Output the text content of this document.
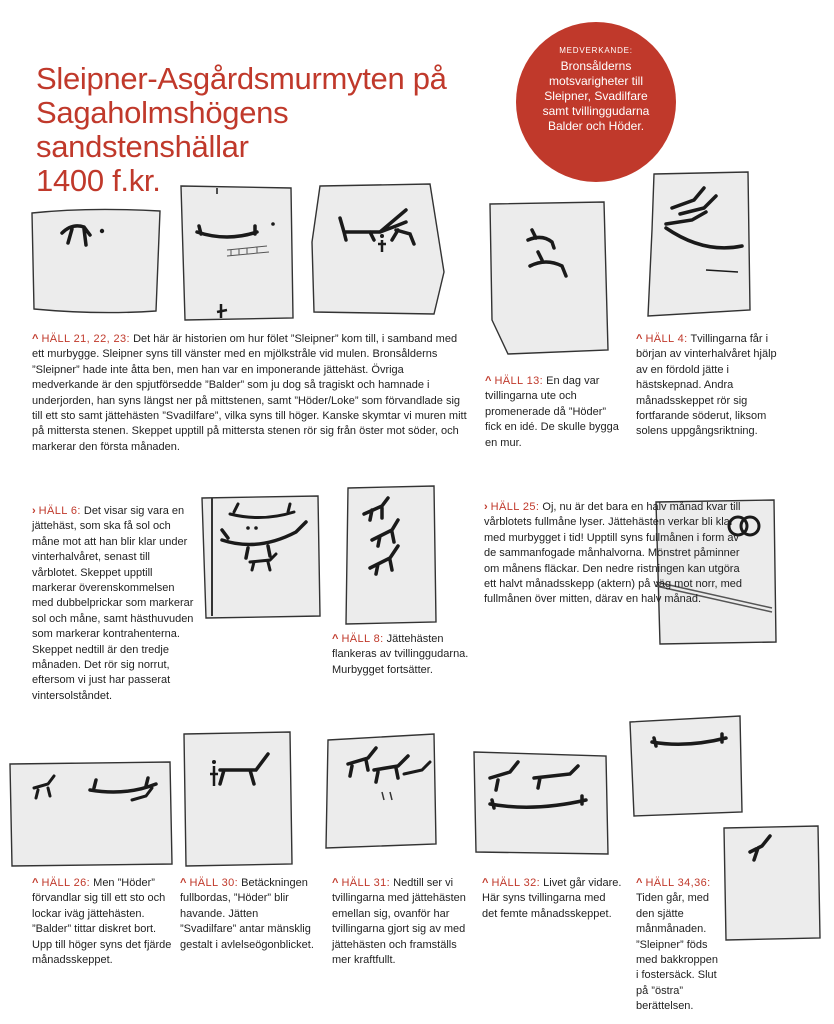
Sleipner-Asgårdsmurmyten på
Sagaholmshögens sandstenshällar
1400 f.kr.
MEDVERKANDE:
Bronsålderns motsvarigheter till Sleipner, Svadilfare samt tvillinggudarna Balder och Höder.
^ HÄLL 21, 22, 23: Det här är historien om hur fölet ”Sleipner” kom till, i samband med ett murbygge. Sleipner syns till vänster med en mjölkstråle vid mulen. Bronsålderns ”Sleipner” hade inte åtta ben, men han var en imponerande jättehäst. Övriga medverkande är den spjutförsedde ”Balder” som ju dog så tragiskt och hamnade i underjorden, han syns längst ner på mittstenen, samt ”Höder/Loke” som förvandlade sig till ett sto samt jättehästen ”Svadilfare”, vilka syns till höger. Kanske skymtar vi muren mitt på mittersta stenen. Skeppet upptill på mittersta stenen rör sig från öster mot söder, och markerar den första månaden.
^ HÄLL 13: En dag var tvillingarna ute och promenerade då ”Höder” fick en idé. De skulle bygga en mur.
^ HÄLL 4: Tvillingarna får i början av vinterhalvåret hjälp av en fördold jätte i hästskepnad. Andra månadsskeppet rör sig fortfarande söderut, liksom solens uppgångsriktning.
› HÄLL 6: Det visar sig vara en jättehäst, som ska få sol och måne mot att han blir klar under vinterhalvåret, senast till vårblotet. Skeppet upptill markerar överenskommelsen med dubbelprickar som markerar sol och måne, samt hästhuvuden som markerar kontrahenterna. Skeppet nedtill är den tredje månaden. Det rör sig norrut, eftersom vi just har passerat vintersolståndet.
^ HÄLL 8: Jättehästen flankeras av tvillinggudarna. Murbygget fortsätter.
› HÄLL 25: Oj, nu är det bara en halv månad kvar till vårblotets fullmåne lyser. Jättehästen verkar bli klar med murbygget i tid! Upptill syns fullmånen i form av de sammanfogade månhalvorna. Mönstret påminner om månens fläckar. Den nedre ristningen kan utgöra ett halvt månadsskepp (aktern) på väg mot norr, med fullmånen över mitten, därav en halv månad.
^ HÄLL 26: Men ”Höder” förvandlar sig till ett sto och lockar iväg jättehästen. ”Balder” tittar diskret bort. Upp till höger syns det fjärde månadsskeppet.
^ HÄLL 30: Betäckningen fullbordas, ”Höder” blir havande. Jätten ”Svadilfare” antar mänsklig gestalt i avlelseögonblicket.
^ HÄLL 31: Nedtill ser vi tvillingarna med jättehästen emellan sig, ovanför har tvillingarna gjort sig av med jättehästen och framställs mer kraftfullt.
^ HÄLL 32: Livet går vidare. Här syns tvillingarna med det femte månadsskeppet.
^ HÄLL 34,36: Tiden går, med den sjätte månmånaden. ”Sleipner” föds med bakkroppen i fostersäck. Slut på ”östra” berättelsen.
